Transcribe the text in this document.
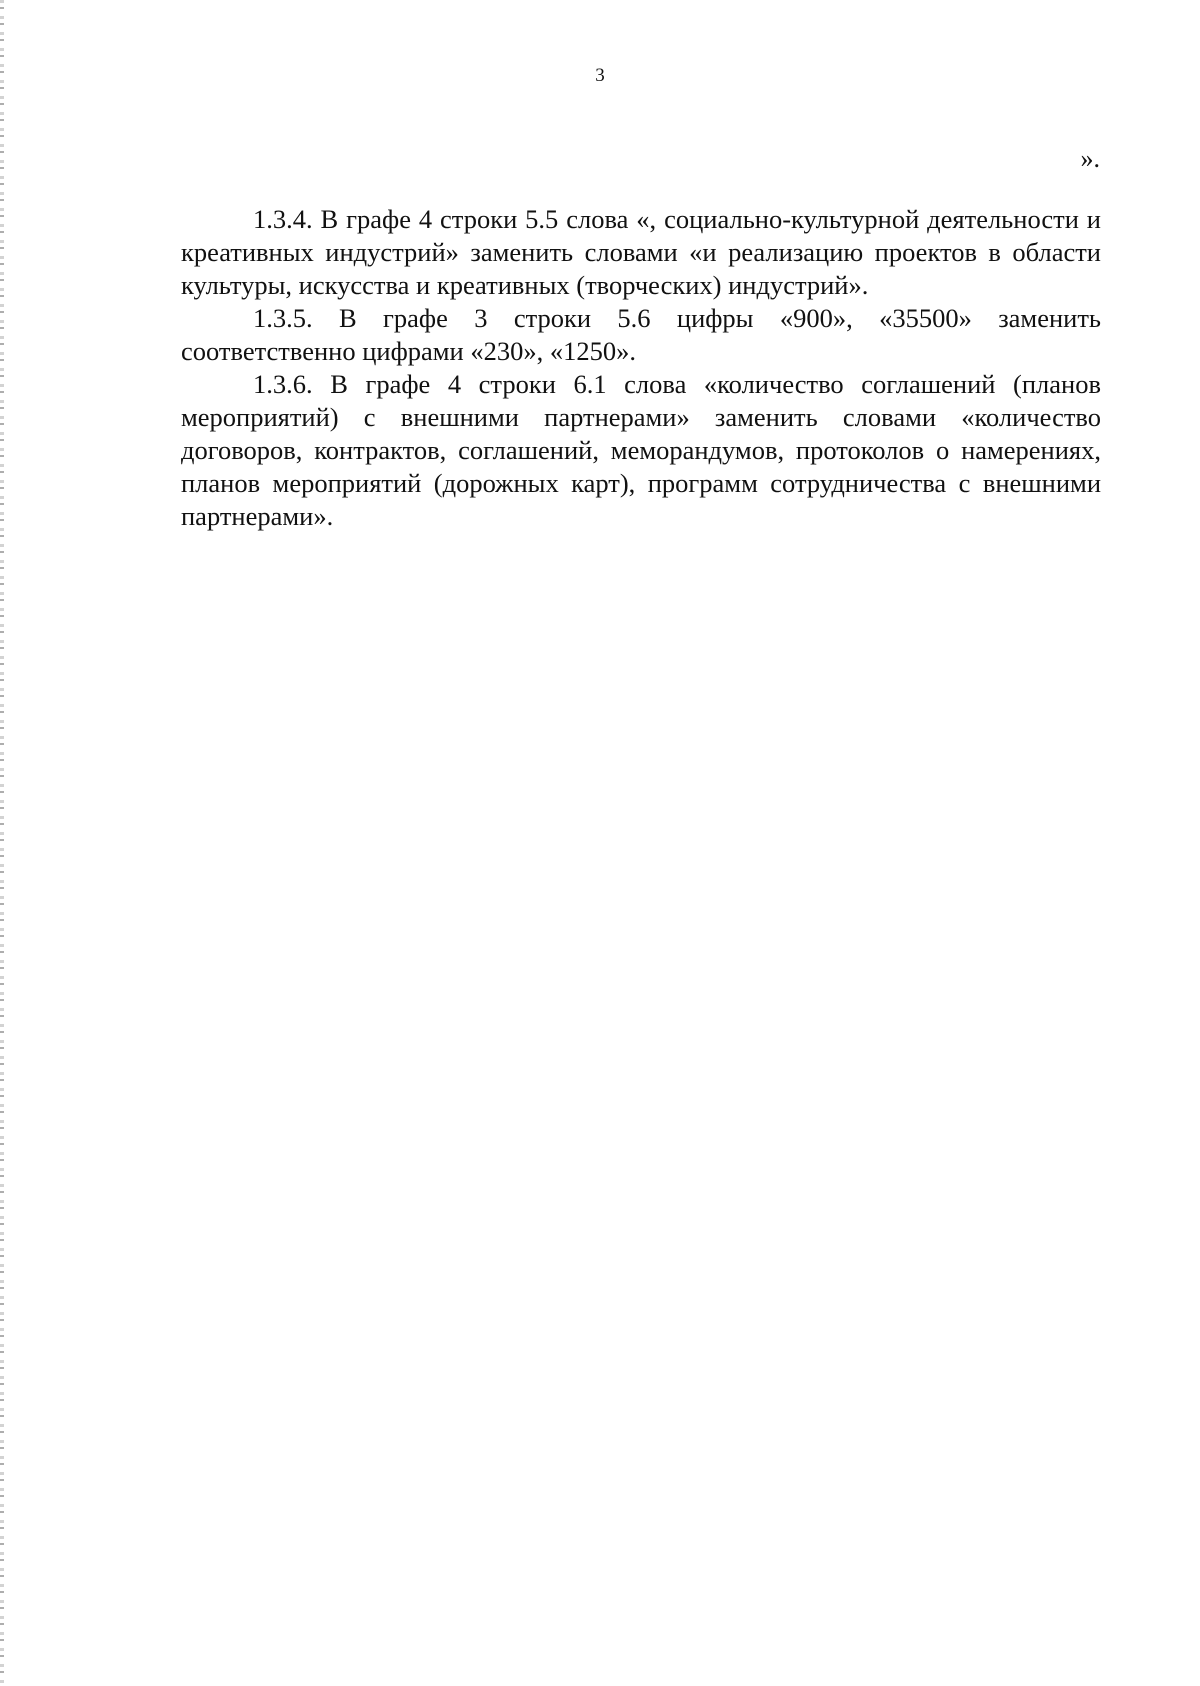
3
».

1.3.4. В графе 4 строки 5.5 слова «, социально-культурной деятельности и креативных индустрий» заменить словами «и реализацию проектов в области культуры, искусства и креативных (творческих) индустрий».

1.3.5. В графе 3 строки 5.6 цифры «900», «35500» заменить соответственно цифрами «230», «1250».

1.3.6. В графе 4 строки 6.1 слова «количество соглашений (планов мероприятий) с внешними партнерами» заменить словами «количество договоров, контрактов, соглашений, меморандумов, протоколов о намерениях, планов мероприятий (дорожных карт), программ сотрудничества с внешними партнерами».
